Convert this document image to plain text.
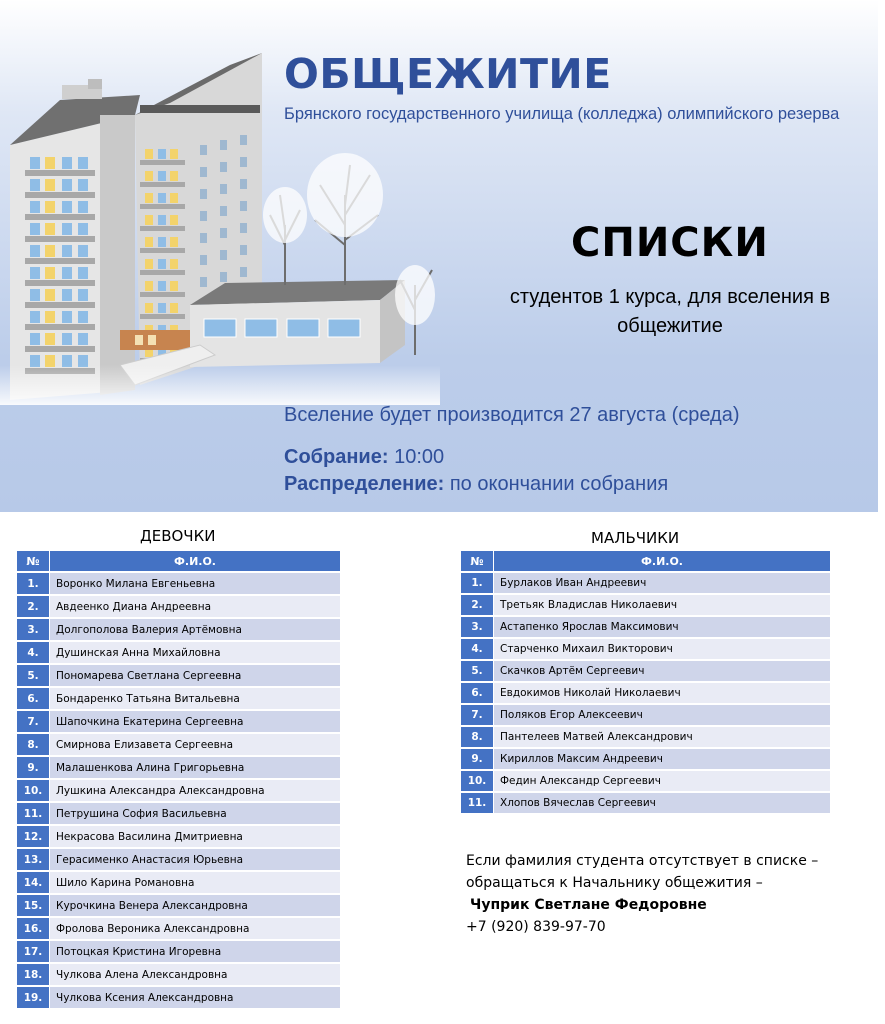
ОБЩЕЖИТИЕ
Брянского государственного училища (колледжа) олимпийского резерва
СПИСКИ
студентов 1 курса, для вселения в общежитие
Вселение будет производится 27 августа (среда)
Собрание: 10:00
Распределение: по окончании собрания
ДЕВОЧКИ
№	Ф.И.О.
1.	Воронко Милана Евгеньевна
2.	Авдеенко Диана Андреевна
3.	Долгополова Валерия Артёмовна
4.	Душинская Анна Михайловна
5.	Пономарева Светлана Сергеевна
6.	Бондаренко Татьяна Витальевна
7.	Шапочкина Екатерина Сергеевна
8.	Смирнова Елизавета Сергеевна
9.	Малашенкова Алина Григорьевна
10.	Лушкина Александра Александровна
11.	Петрушина София Васильевна
12.	Некрасова Василина Дмитриевна
13.	Герасименко Анастасия Юрьевна
14.	Шило Карина Романовна
15.	Курочкина Венера Александровна
16.	Фролова Вероника Александровна
17.	Потоцкая Кристина Игоревна
18.	Чулкова Алена Александровна
19.	Чулкова Ксения Александровна
МАЛЬЧИКИ
№	Ф.И.О.
1.	Бурлаков Иван Андреевич
2.	Третьяк Владислав Николаевич
3.	Астапенко Ярослав Максимович
4.	Старченко Михаил Викторович
5.	Скачков Артём Сергеевич
6.	Евдокимов Николай Николаевич
7.	Поляков Егор Алексеевич
8.	Пантелеев Матвей Александрович
9.	Кириллов Максим Андреевич
10.	Федин Александр Сергеевич
11.	Хлопов Вячеслав Сергеевич
Если фамилия студента отсутствует в списке –
обращаться к Начальнику общежития –
Чуприк Светлане Федоровне
+7 (920) 839-97-70
